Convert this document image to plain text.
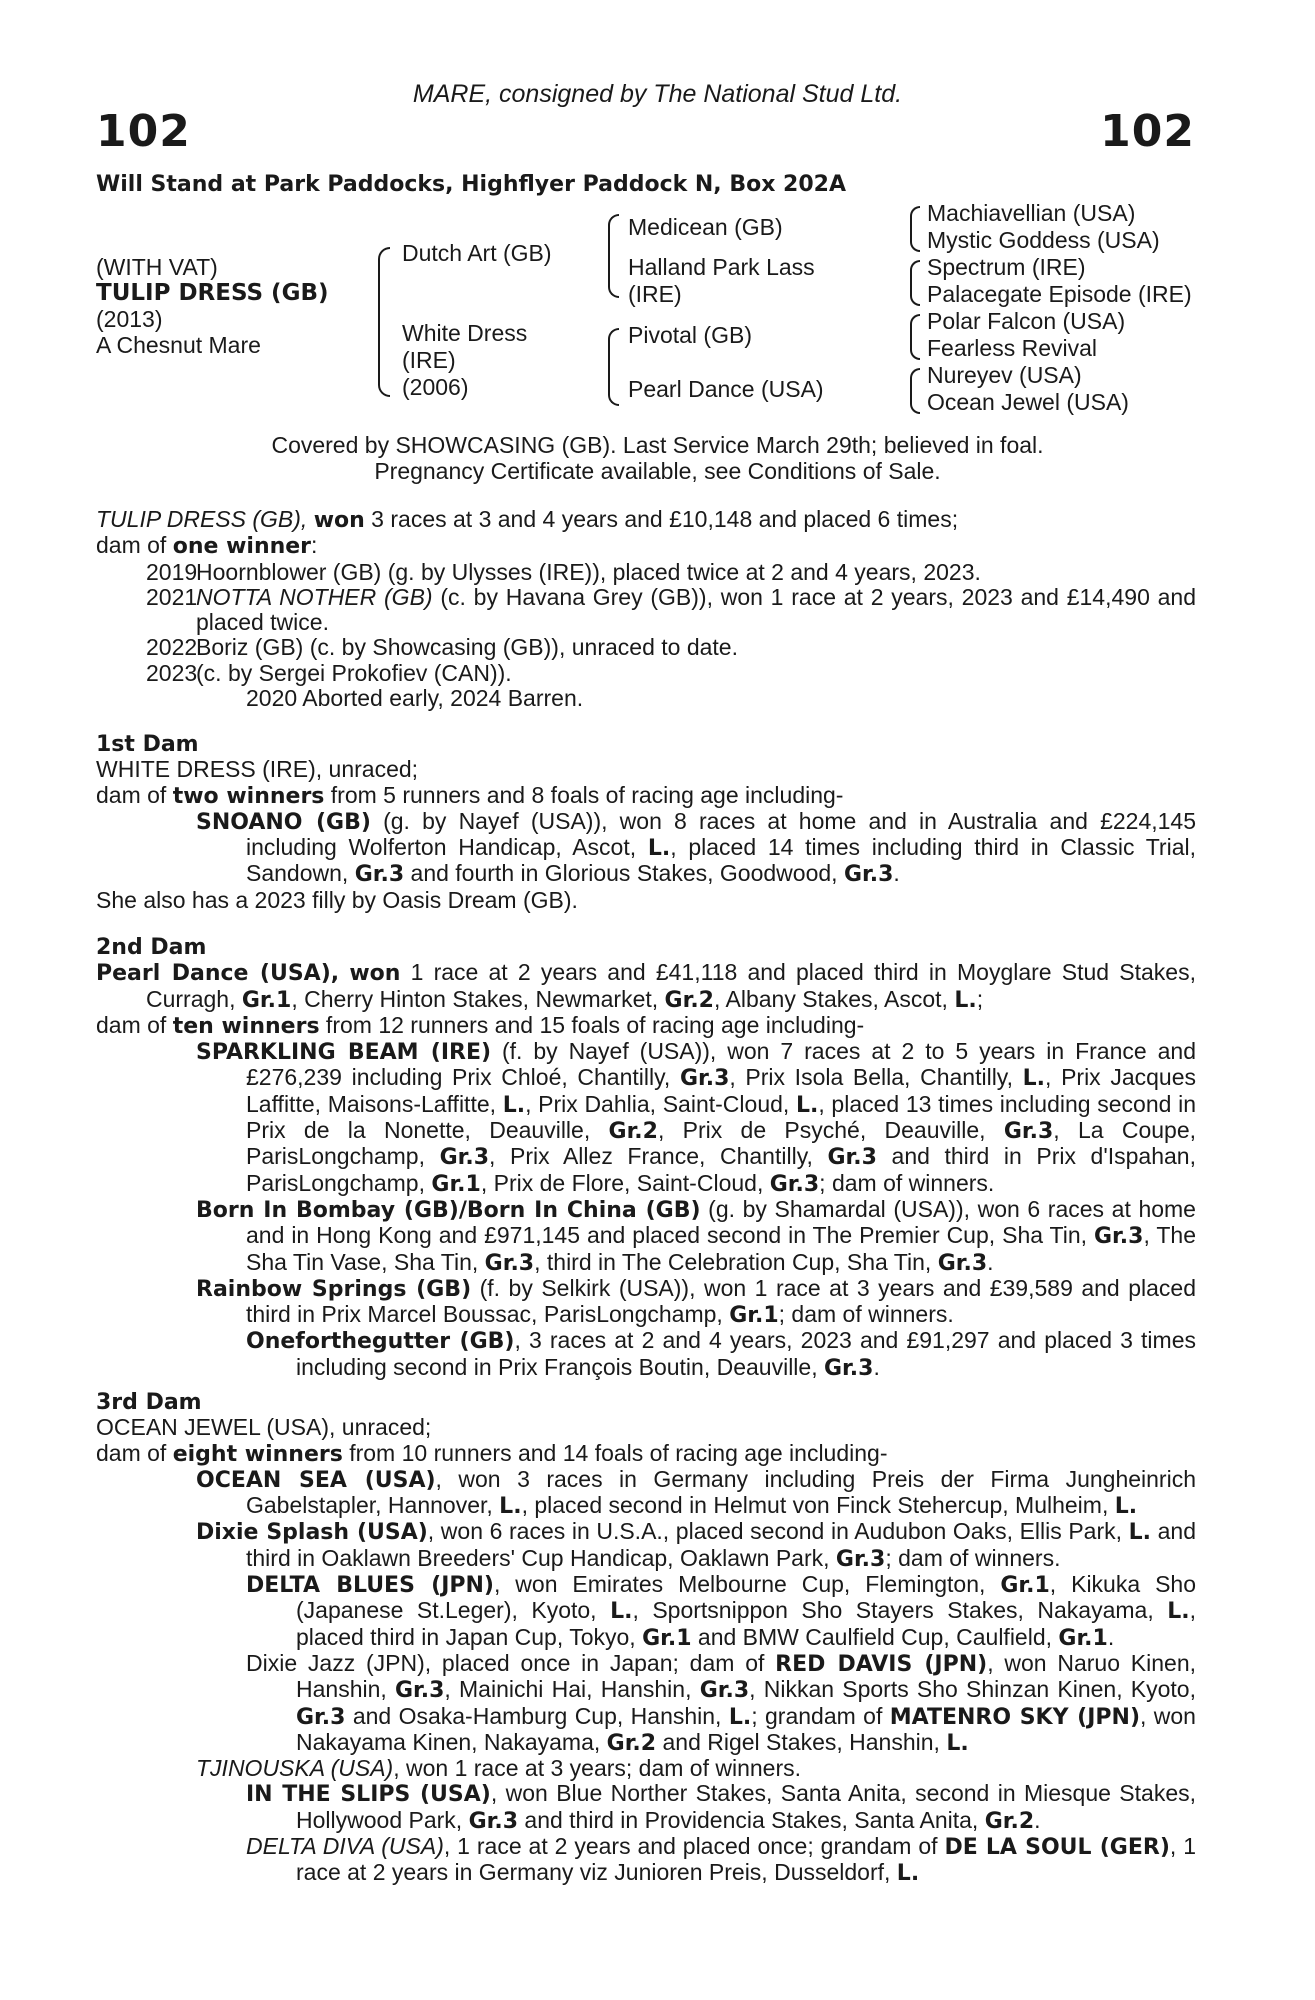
MARE, consigned by The National Stud Ltd.
102	102
Will Stand at Park Paddocks, Highflyer Paddock N, Box 202A
(WITH VAT)
TULIP DRESS (GB)
(2013)
A Chesnut Mare
Dutch Art (GB)
White Dress
(IRE)
(2006)
Medicean (GB)
Halland Park Lass
(IRE)
Pivotal (GB)
Pearl Dance (USA)
Machiavellian (USA)
Mystic Goddess (USA)
Spectrum (IRE)
Palacegate Episode (IRE)
Polar Falcon (USA)
Fearless Revival
Nureyev (USA)
Ocean Jewel (USA)
Covered by SHOWCASING (GB). Last Service March 29th; believed in foal.
Pregnancy Certificate available, see Conditions of Sale.

TULIP DRESS (GB), won 3 races at 3 and 4 years and £10,148 and placed 6 times;

dam of one winner:

2019
Hoornblower (GB) (g. by Ulysses (IRE)), placed twice at 2 and 4 years, 2023.
2021
NOTTA NOTHER (GB) (c. by Havana Grey (GB)), won 1 race at 2 years, 2023 and £14,490 and placed twice.
2022
Boriz (GB) (c. by Showcasing (GB)), unraced to date.
2023
(c. by Sergei Prokofiev (CAN)).

2020 Aborted early, 2024 Barren.

1st Dam

WHITE DRESS (IRE), unraced;

dam of two winners from 5 runners and 8 foals of racing age including-

SNOANO (GB) (g. by Nayef (USA)), won 8 races at home and in Australia and £224,145 including Wolferton Handicap, Ascot, L., placed 14 times including third in Classic Trial, Sandown, Gr.3 and fourth in Glorious Stakes, Goodwood, Gr.3.

She also has a 2023 filly by Oasis Dream (GB).

2nd Dam

Pearl Dance (USA), won 1 race at 2 years and £41,118 and placed third in Moyglare Stud Stakes, Curragh, Gr.1, Cherry Hinton Stakes, Newmarket, Gr.2, Albany Stakes, Ascot, L.;

dam of ten winners from 12 runners and 15 foals of racing age including-

SPARKLING BEAM (IRE) (f. by Nayef (USA)), won 7 races at 2 to 5 years in France and £276,239 including Prix Chloé, Chantilly, Gr.3, Prix Isola Bella, Chantilly, L., Prix Jacques Laffitte, Maisons-Laffitte, L., Prix Dahlia, Saint-Cloud, L., placed 13 times including second in Prix de la Nonette, Deauville, Gr.2, Prix de Psyché, Deauville, Gr.3, La Coupe, ParisLongchamp, Gr.3, Prix Allez France, Chantilly, Gr.3 and third in Prix d'Ispahan, ParisLongchamp, Gr.1, Prix de Flore, Saint-Cloud, Gr.3; dam of winners.

Born In Bombay (GB)/Born In China (GB) (g. by Shamardal (USA)), won 6 races at home and in Hong Kong and £971,145 and placed second in The Premier Cup, Sha Tin, Gr.3, The Sha Tin Vase, Sha Tin, Gr.3, third in The Celebration Cup, Sha Tin, Gr.3.

Rainbow Springs (GB) (f. by Selkirk (USA)), won 1 race at 3 years and £39,589 and placed third in Prix Marcel Boussac, ParisLongchamp, Gr.1; dam of winners.

Oneforthegutter (GB), 3 races at 2 and 4 years, 2023 and £91,297 and placed 3 times including second in Prix François Boutin, Deauville, Gr.3.

3rd Dam

OCEAN JEWEL (USA), unraced;

dam of eight winners from 10 runners and 14 foals of racing age including-

OCEAN SEA (USA), won 3 races in Germany including Preis der Firma Jungheinrich Gabelstapler, Hannover, L., placed second in Helmut von Finck Stehercup, Mulheim, L.

Dixie Splash (USA), won 6 races in U.S.A., placed second in Audubon Oaks, Ellis Park, L. and third in Oaklawn Breeders' Cup Handicap, Oaklawn Park, Gr.3; dam of winners.

DELTA BLUES (JPN), won Emirates Melbourne Cup, Flemington, Gr.1, Kikuka Sho (Japanese St.Leger), Kyoto, L., Sportsnippon Sho Stayers Stakes, Nakayama, L., placed third in Japan Cup, Tokyo, Gr.1 and BMW Caulfield Cup, Caulfield, Gr.1.

Dixie Jazz (JPN), placed once in Japan; dam of RED DAVIS (JPN), won Naruo Kinen, Hanshin, Gr.3, Mainichi Hai, Hanshin, Gr.3, Nikkan Sports Sho Shinzan Kinen, Kyoto, Gr.3 and Osaka-Hamburg Cup, Hanshin, L.; grandam of MATENRO SKY (JPN), won Nakayama Kinen, Nakayama, Gr.2 and Rigel Stakes, Hanshin, L.

TJINOUSKA (USA), won 1 race at 3 years; dam of winners.

IN THE SLIPS (USA), won Blue Norther Stakes, Santa Anita, second in Miesque Stakes, Hollywood Park, Gr.3 and third in Providencia Stakes, Santa Anita, Gr.2.

DELTA DIVA (USA), 1 race at 2 years and placed once; grandam of DE LA SOUL (GER), 1 race at 2 years in Germany viz Junioren Preis, Dusseldorf, L.
